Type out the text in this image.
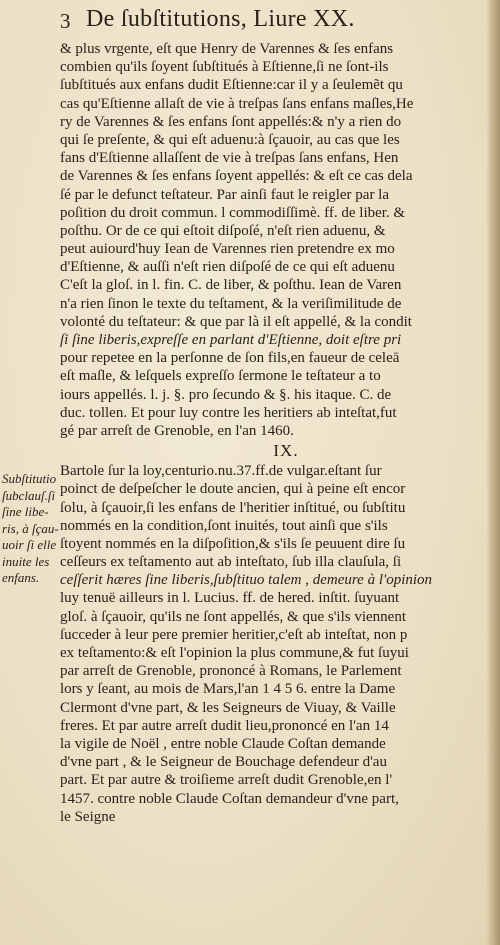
3 De ſubſtitutions, Liure XX.
& plus vrgente, eſt que Henry de Varennes & ſes enfans
combien qu'ils ſoyent ſubſtitués à Eſtienne,ſi ne ſont-ils
ſubſtitués aux enfans dudit Eſtienne:car il y a ſeulemẽt qu
cas qu'Eſtienne allaſt de vie à treſpas ſans enfans maſles,He
ry de Varennes & ſes enfans ſont appellés:& n'y a rien do
qui ſe preſente, & qui eſt aduenu:à ſçauoir, au cas que les
fans d'Eſtienne allaſſent de vie à treſpas ſans enfans, Hen
de Varennes & ſes enfans ſoyent appellés: & eſt ce cas dela
ſé par le defunct teſtateur. Par ainſi faut le reigler par la
poſition du droit commun. l commodiſſimè. ff. de liber. &
poſthu. Or de ce qui eſtoit diſpoſé, n'eſt rien aduenu, &
peut auiourd'huy Iean de Varennes rien pretendre ex mo
d'Eſtienne, & auſſi n'eſt rien diſpoſé de ce qui eſt aduenu
C'eſt la gloſ. in l. fin. C. de liber, & poſthu. Iean de Varen
n'a rien ſinon le texte du teſtament, & la veriſimilitude de
volonté du teſtateur: & que par là il eſt appellé, & la condit
ſi ſine liberis,expreſſe en parlant d'Eſtienne, doit eſtre pri
pour repetee en la perſonne de ſon fils,en faueur de celeā
eſt maſle, & leſquels expreſſo ſermone le teſtateur a to
iours appellés. l. j. §. pro ſecundo & §. his itaque. C. de
duc. tollen. Et pour luy contre les heritiers ab inteſtat,fut
gé par arreſt de Grenoble, en l'an 1460.
IX.
Bartole ſur la loy,centurio.nu.37.ff.de vulgar.eſtant ſur
poinct de deſpeſcher le doute ancien, qui à peine eſt encor
ſolu, à ſçauoir,ſi les enfans de l'heritier inſtitué, ou ſubſtitu
nommés en la condition,ſont inuités, tout ainſi que s'ils
ſtoyent nommés en la diſpoſition,& s'ils ſe peuuent dire ſu
ceſſeurs ex teſtamento aut ab inteſtato, ſub illa clauſula, ſi
ceſſerit hæres ſine liberis,ſubſtituo talem , demeure à l'opinion
luy tenuë ailleurs in l. Lucius. ff. de hered. inſtit. ſuyuant
gloſ. à ſçauoir, qu'ils ne ſont appellés, & que s'ils viennent
ſucceder à leur pere premier heritier,c'eſt ab inteſtat, non p
ex teſtamento:& eſt l'opinion la plus commune,& fut ſuyui
par arreſt de Grenoble, prononcé à Romans, le Parlement
lors y ſeant, au mois de Mars,l'an 1 4 5 6. entre la Dame
Clermont d'vne part, & les Seigneurs de Viuay, & Vaille
freres. Et par autre arreſt dudit lieu,prononcé en l'an 14
la vigile de Noël , entre noble Claude Coſtan demande
d'vne part , & le Seigneur de Bouchage defendeur d'au
part. Et par autre & troiſieme arreſt dudit Grenoble,en l'
1457. contre noble Claude Coſtan demandeur d'vne part,
le Seigne
Subſtitutio
ſubclauſ.ſi
ſine libe-
ris, à ſçau-
uoir ſi elle
inuite les
enfans.
